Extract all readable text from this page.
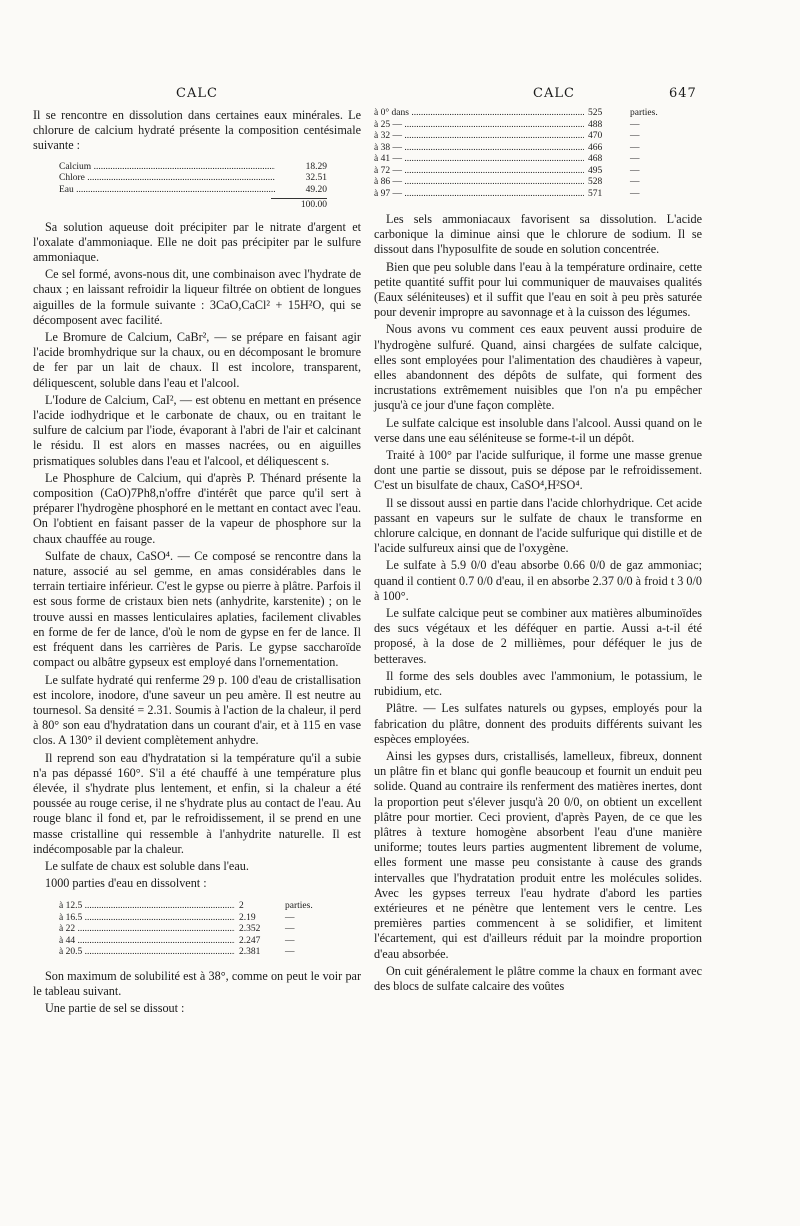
CALC	CALC	647

Il se rencontre en dissolution dans certaines eaux minérales. Le chlorure de calcium hydraté présente la composition centésimale suivante :

Calcium .....	18.29
Chlore .....	32.51
Eau .....	49.20
100.00

Sa solution aqueuse doit précipiter par le nitrate d'argent et l'oxalate d'ammoniaque. Elle ne doit pas précipiter par le sulfure ammoniaque.

Ce sel formé, avons-nous dit, une combinaison avec l'hydrate de chaux ; en laissant refroidir la liqueur filtrée on obtient de longues aiguilles de la formule suivante : 3CaO,CaCl² + 15H²O, qui se décomposent avec facilité.

Le Bromure de Calcium, CaBr², — se prépare en faisant agir l'acide bromhydrique sur la chaux, ou en décomposant le bromure de fer par un lait de chaux. Il est incolore, transparent, déliquescent, soluble dans l'eau et l'alcool.

L'Iodure de Calcium, CaI², — est obtenu en mettant en présence l'acide iodhydrique et le carbonate de chaux, ou en traitant le sulfure de calcium par l'iode, évaporant à l'abri de l'air et calcinant le résidu. Il est alors en masses nacrées, ou en aiguilles prismatiques solubles dans l'eau et l'alcool, et déliquescent s.

Le Phosphure de Calcium, qui d'après P. Thénard présente la composition (CaO)7Ph8,n'offre d'intérêt que parce qu'il sert à préparer l'hydrogène phosphoré en le mettant en contact avec l'eau. On l'obtient en faisant passer de la vapeur de phosphore sur la chaux chauffée au rouge.

Sulfate de chaux, CaSO⁴. — Ce composé se rencontre dans la nature, associé au sel gemme, en amas considérables dans le terrain tertiaire inférieur. C'est le gypse ou pierre à plâtre. Parfois il est sous forme de cristaux bien nets (anhydrite, karstenite) ; on le trouve aussi en masses lenticulaires aplaties, facilement clivables en forme de fer de lance, d'où le nom de gypse en fer de lance. Il est fréquent dans les carrières de Paris. Le gypse saccharoïde compact ou albâtre gypseux est employé dans l'ornementation.

Le sulfate hydraté qui renferme 29 p. 100 d'eau de cristallisation est incolore, inodore, d'une saveur un peu amère. Il est neutre au tournesol. Sa densité = 2.31. Soumis à l'action de la chaleur, il perd à 80° son eau d'hydratation dans un courant d'air, et à 115 en vase clos. A 130° il devient complètement anhydre.

Il reprend son eau d'hydratation si la température qu'il a subie n'a pas dépassé 160°. S'il a été chauffé à une température plus élevée, il s'hydrate plus lentement, et enfin, si la chaleur a été poussée au rouge cerise, il ne s'hydrate plus au contact de l'eau. Au rouge blanc il fond et, par le refroidissement, il se prend en une masse cristalline qui ressemble à l'anhydrite naturelle. Il est indécomposable par la chaleur.

Le sulfate de chaux est soluble dans l'eau.

1000 parties d'eau en dissolvent :

à 12.5 .....	2	parties.
à 16.5 .....	2.19	—
à 22 .....	2.352	—
à 44 .....	2.247	—
à 20.5 .....	2.381	—

Son maximum de solubilité est à 38°, comme on peut le voir par le tableau suivant.

Une partie de sel se dissout :

à 0° dans .....	525	parties.
à 25 — .....	488	—
à 32 — .....	470	—
à 38 — .....	466	—
à 41 — .....	468	—
à 72 — .....	495	—
à 86 — .....	528	—
à 97 — .....	571	—

Les sels ammoniacaux favorisent sa dissolution. L'acide carbonique la diminue ainsi que le chlorure de sodium. Il se dissout dans l'hyposulfite de soude en solution concentrée.

Bien que peu soluble dans l'eau à la température ordinaire, cette petite quantité suffit pour lui communiquer de mauvaises qualités (Eaux séléniteuses) et il suffit que l'eau en soit à peu près saturée pour devenir impropre au savonnage et à la cuisson des légumes.

Nous avons vu comment ces eaux peuvent aussi produire de l'hydrogène sulfuré. Quand, ainsi chargées de sulfate calcique, elles sont employées pour l'alimentation des chaudières à vapeur, elles abandonnent des dépôts de sulfate, qui forment des incrustations extrêmement nuisibles que l'on n'a pu empêcher jusqu'à ce jour d'une façon complète.

Le sulfate calcique est insoluble dans l'alcool. Aussi quand on le verse dans une eau séléniteuse se forme-t-il un dépôt.

Traité à 100° par l'acide sulfurique, il forme une masse grenue dont une partie se dissout, puis se dépose par le refroidissement. C'est un bisulfate de chaux, CaSO⁴,H²SO⁴.

Il se dissout aussi en partie dans l'acide chlorhydrique. Cet acide passant en vapeurs sur le sulfate de chaux le transforme en chlorure calcique, en donnant de l'acide sulfurique qui distille et de l'acide sulfureux ainsi que de l'oxygène.

Le sulfate à 5.9 0/0 d'eau absorbe 0.66 0/0 de gaz ammoniac; quand il contient 0.7 0/0 d'eau, il en absorbe 2.37 0/0 à froid t 3 0/0 à 100°.

Le sulfate calcique peut se combiner aux matières albuminoïdes des sucs végétaux et les déféquer en partie. Aussi a-t-il été proposé, à la dose de 2 millièmes, pour déféquer le jus de betteraves.

Il forme des sels doubles avec l'ammonium, le potassium, le rubidium, etc.

Plâtre. — Les sulfates naturels ou gypses, employés pour la fabrication du plâtre, donnent des produits différents suivant les espèces employées.

Ainsi les gypses durs, cristallisés, lamelleux, fibreux, donnent un plâtre fin et blanc qui gonfle beaucoup et fournit un enduit peu solide. Quand au contraire ils renferment des matières inertes, dont la proportion peut s'élever jusqu'à 20 0/0, on obtient un excellent plâtre pour mortier. Ceci provient, d'après Payen, de ce que les plâtres à texture homogène absorbent l'eau d'une manière uniforme; toutes leurs parties augmentent librement de volume, elles forment une masse peu consistante à cause des grands intervalles que l'hydratation produit entre les molécules solides. Avec les gypses terreux l'eau hydrate d'abord les parties extérieures et ne pénètre que lentement vers le centre. Les premières parties commencent à se solidifier, et limitent l'écartement, qui est d'ailleurs réduit par la moindre proportion d'eau absorbée.

On cuit généralement le plâtre comme la chaux en formant avec des blocs de sulfate calcaire des voûtes
